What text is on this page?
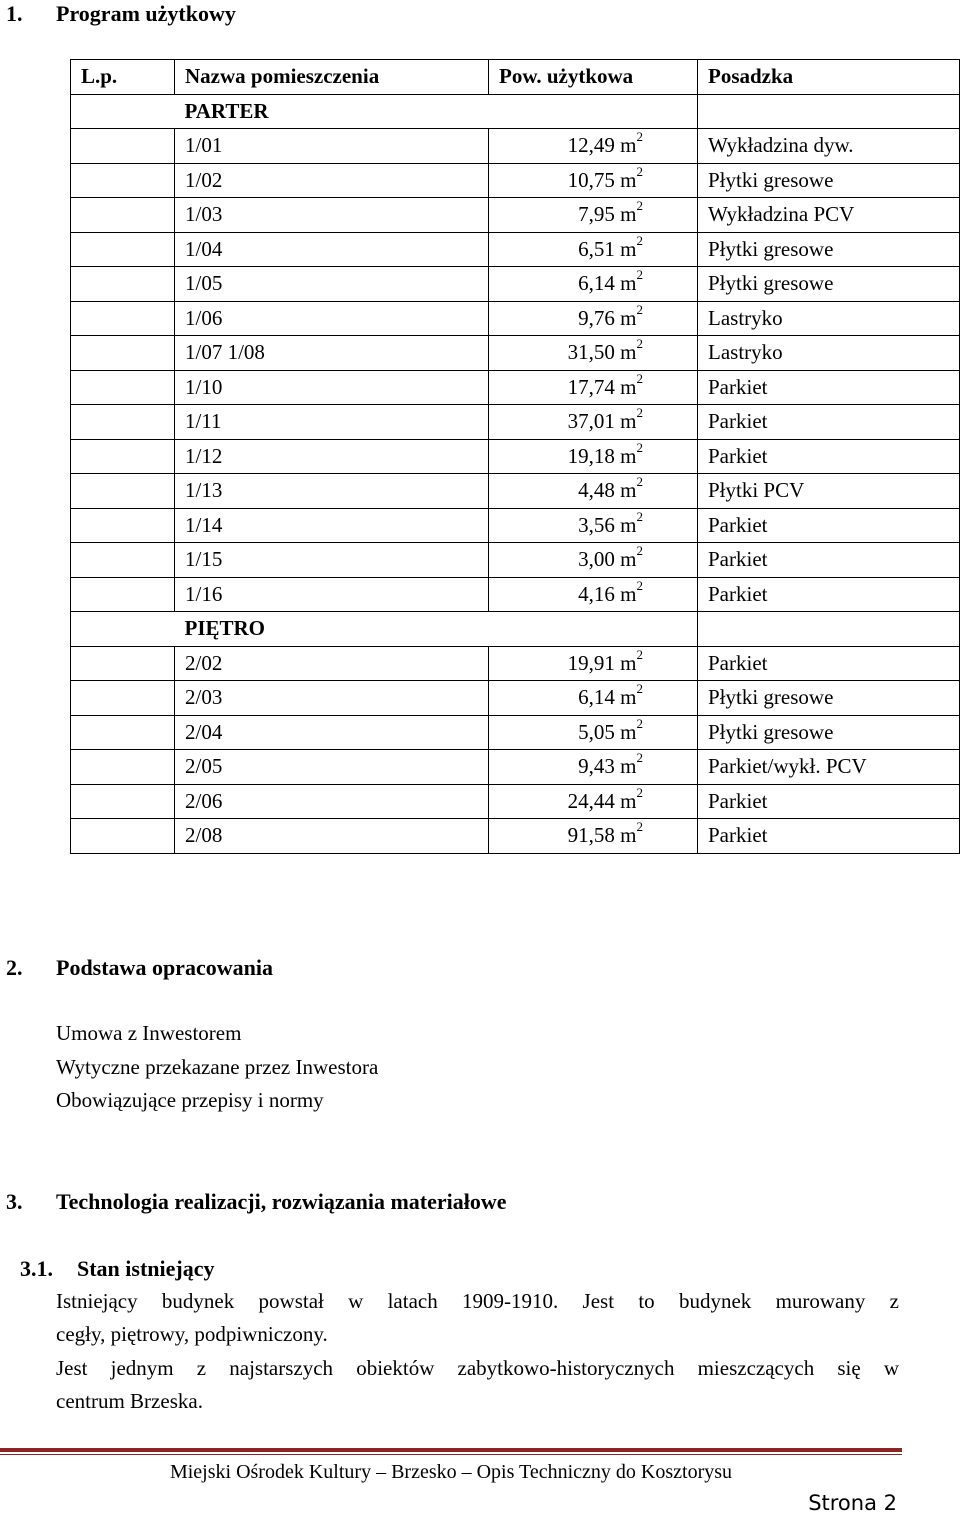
1. Program użytkowy
L.p.	Nazwa pomieszczenia	Pow. użytkowa	Posadzka
	PARTER		
	1/01	12,49 $m^2$	Wykładzina dyw.
	1/02	10,75 $m^2$	Płytki gresowe
	1/03	7,95 $m^2$	Wykładzina PCV
	1/04	6,51 $m^2$	Płytki gresowe
	1/05	6,14 $m^2$	Płytki gresowe
	1/06	9,76 $m^2$	Lastryko
	1/07 1/08	31,50 $m^2$	Lastryko
	1/10	17,74 $m^2$	Parkiet
	1/11	37,01 $m^2$	Parkiet
	1/12	19,18 $m^2$	Parkiet
	1/13	4,48 $m^2$	Płytki PCV
	1/14	3,56 $m^2$	Parkiet
	1/15	3,00 $m^2$	Parkiet
	1/16	4,16 $m^2$	Parkiet
	PIĘTRO		
	2/02	19,91 $m^2$	Parkiet
	2/03	6,14 $m^2$	Płytki gresowe
	2/04	5,05 $m^2$	Płytki gresowe
	2/05	9,43 $m^2$	Parkiet/wykł. PCV
	2/06	24,44 $m^2$	Parkiet
	2/08	91,58 $m^2$	Parkiet
2. Podstawa opracowania
Umowa z Inwestorem
Wytyczne przekazane przez Inwestora
Obowiązujące przepisy i normy
3. Technologia realizacji, rozwiązania materiałowe
3.1. Stan istniejący
Istniejący budynek powstał w latach 1909-1910. Jest to budynek murowany z
cegły, piętrowy, podpiwniczony.
Jest jednym z najstarszych obiektów zabytkowo-historycznych mieszczących się w
centrum Brzeska.
Miejski Ośrodek Kultury – Brzesko – Opis Techniczny do Kosztorysu
Strona 2
